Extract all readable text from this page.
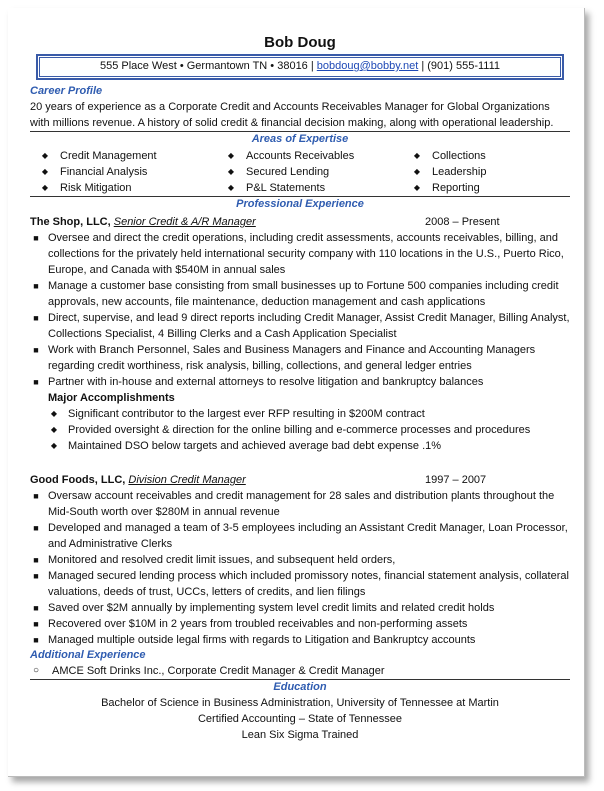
Bob Doug
555 Place West • Germantown TN • 38016 | bobdoug@bobby.net | (901) 555-1111
Career Profile
20 years of experience as a Corporate Credit and Accounts Receivables Manager for Global Organizations with millions revenue. A history of solid credit & financial decision making, along with operational leadership.
Areas of Expertise
◆	Credit Management	◆	Accounts Receivables	◆	Collections
◆	Financial Analysis	◆	Secured Lending	◆	Leadership
◆	Risk Mitigation	◆	P&L Statements	◆	Reporting
Professional Experience
The Shop, LLC, Senior Credit & A/R Manager	2008 – Present
■ Oversee and direct the credit operations, including credit assessments, accounts receivables, billing, and collections for the privately held international security company with 110 locations in the U.S., Puerto Rico, Europe, and Canada with $540M in annual sales
■ Manage a customer base consisting from small businesses up to Fortune 500 companies including credit approvals, new accounts, file maintenance, deduction management and cash applications
■ Direct, supervise, and lead 9 direct reports including Credit Manager, Assist Credit Manager, Billing Analyst, Collections Specialist, 4 Billing Clerks and a Cash Application Specialist
■ Work with Branch Personnel, Sales and Business Managers and Finance and Accounting Managers regarding credit worthiness, risk analysis, billing, collections, and general ledger entries
■ Partner with in-house and external attorneys to resolve litigation and bankruptcy balances
Major Accomplishments
◆ Significant contributor to the largest ever RFP resulting in $200M contract
◆ Provided oversight & direction for the online billing and e-commerce processes and procedures
◆ Maintained DSO below targets and achieved average bad debt expense .1%
Good Foods, LLC, Division Credit Manager	1997 – 2007
■ Oversaw account receivables and credit management for 28 sales and distribution plants throughout the Mid-South worth over $280M in annual revenue
■ Developed and managed a team of 3-5 employees including an Assistant Credit Manager, Loan Processor, and Administrative Clerks
■ Monitored and resolved credit limit issues, and subsequent held orders,
■ Managed secured lending process which included promissory notes, financial statement analysis, collateral valuations, deeds of trust, UCCs, letters of credits, and lien filings
■ Saved over $2M annually by implementing system level credit limits and related credit holds
■ Recovered over $10M in 2 years from troubled receivables and non-performing assets
■ Managed multiple outside legal firms with regards to Litigation and Bankruptcy accounts
Additional Experience
○ AMCE Soft Drinks Inc., Corporate Credit Manager & Credit Manager
Education
Bachelor of Science in Business Administration, University of Tennessee at Martin
Certified Accounting – State of Tennessee
Lean Six Sigma Trained
